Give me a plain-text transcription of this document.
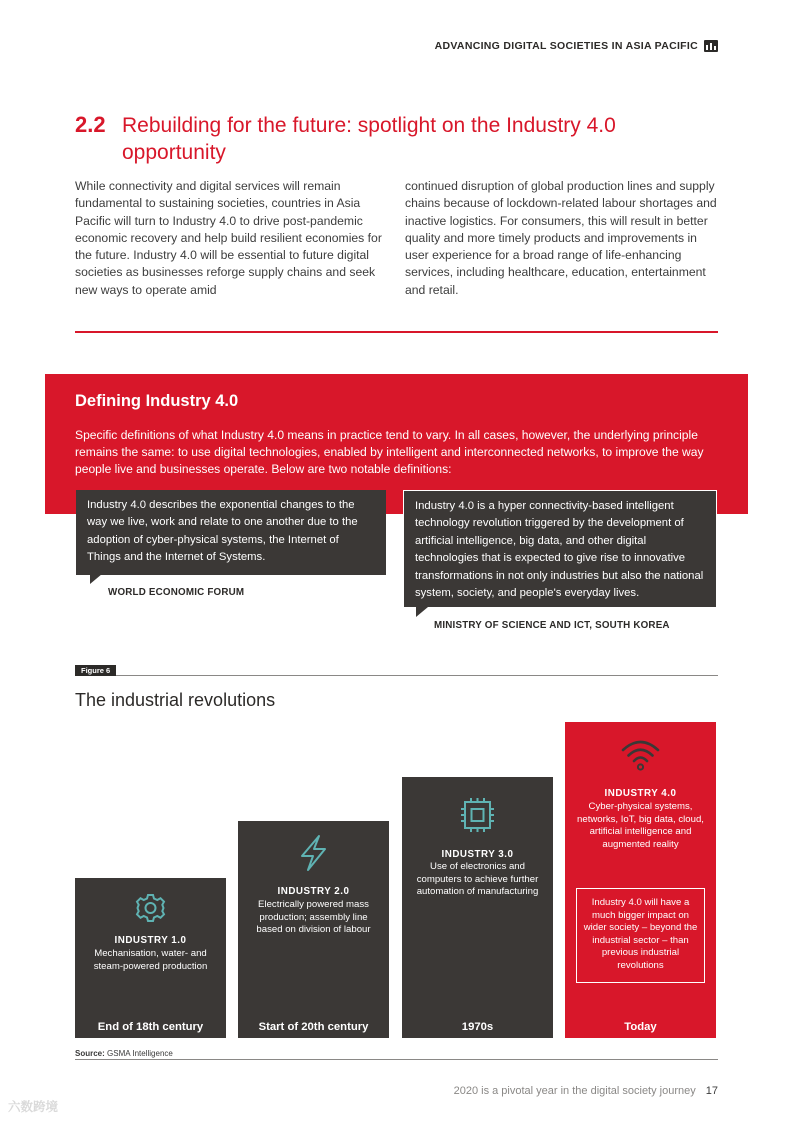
ADVANCING DIGITAL SOCIETIES IN ASIA PACIFIC
2.2 Rebuilding for the future: spotlight on the Industry 4.0 opportunity

While connectivity and digital services will remain fundamental to sustaining societies, countries in Asia Pacific will turn to Industry 4.0 to drive post-pandemic economic recovery and help build resilient economies for the future. Industry 4.0 will be essential to future digital societies as businesses reforge supply chains and seek new ways to operate amid

continued disruption of global production lines and supply chains because of lockdown-related labour shortages and inactive logistics. For consumers, this will result in better quality and more timely products and improvements in user experience for a broad range of life-enhancing services, including healthcare, education, entertainment and retail.

Defining Industry 4.0

Specific definitions of what Industry 4.0 means in practice tend to vary. In all cases, however, the underlying principle remains the same: to use digital technologies, enabled by intelligent and interconnected networks, to improve the way people live and businesses operate. Below are two notable definitions:

Industry 4.0 describes the exponential changes to the way we live, work and relate to one another due to the adoption of cyber-physical systems, the Internet of Things and the Internet of Systems.
WORLD ECONOMIC FORUM
Industry 4.0 is a hyper connectivity-based intelligent technology revolution triggered by the development of artificial intelligence, big data, and other digital technologies that is expected to give rise to innovative transformations in not only industries but also the national system, society, and people's everyday lives.
MINISTRY OF SCIENCE AND ICT, SOUTH KOREA
Figure 6
The industrial revolutions
INDUSTRY 1.0
Mechanisation, water- and steam-powered production
End of 18th century
INDUSTRY 2.0
Electrically powered mass production; assembly line based on division of labour
Start of 20th century
INDUSTRY 3.0
Use of electronics and computers to achieve further automation of manufacturing
1970s
INDUSTRY 4.0
Cyber-physical systems, networks, IoT, big data, cloud, artificial intelligence and augmented reality
Industry 4.0 will have a much bigger impact on wider society – beyond the industrial sector – than previous industrial revolutions
Today
Source: GSMA Intelligence
2020 is a pivotal year in the digital society journey 17
六数跨境
